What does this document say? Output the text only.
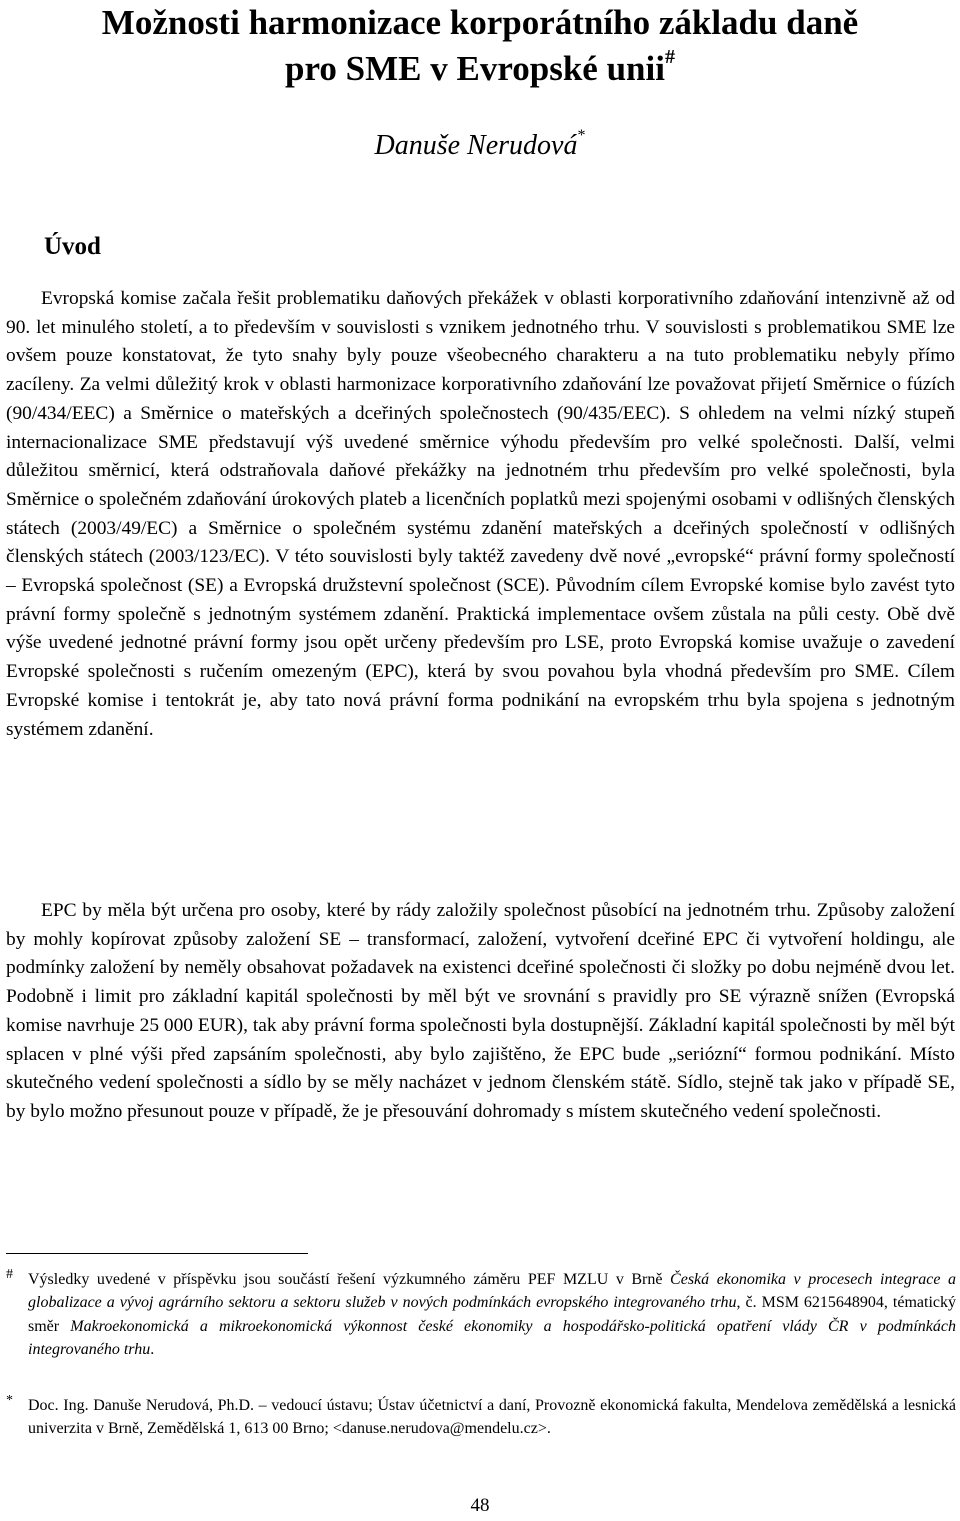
Možnosti harmonizace korporátního základu daně
pro SME v Evropské unii#
Danuše Nerudová*
Úvod

Evropská komise začala řešit problematiku daňových překážek v oblasti korporativního zdaňování intenzivně až od 90. let minulého století, a to především v souvislosti s vznikem jednotného trhu. V souvislosti s problematikou SME lze ovšem pouze konstatovat, že tyto snahy byly pouze všeobecného charakteru a na tuto problematiku nebyly přímo zacíleny. Za velmi důležitý krok v oblasti harmonizace korporativního zdaňování lze považovat přijetí Směrnice o fúzích (90/434/EEC) a Směrnice o mateřských a dceřiných společnostech (90/435/EEC). S ohledem na velmi nízký stupeň internacionalizace SME představují výš uvedené směrnice výhodu především pro velké společnosti. Další, velmi důležitou směrnicí, která odstraňovala daňové překážky na jednotném trhu především pro velké společnosti, byla Směrnice o společném zdaňování úrokových plateb a licenčních poplatků mezi spojenými osobami v odlišných členských státech (2003/49/EC) a Směrnice o společném systému zdanění mateřských a dceřiných společností v odlišných členských státech (2003/123/EC). V této souvislosti byly taktéž zavedeny dvě nové „evropské“ právní formy společností – Evropská společnost (SE) a Evropská družstevní společnost (SCE). Původním cílem Evropské komise bylo zavést tyto právní formy společně s jednotným systémem zdanění. Praktická implementace ovšem zůstala na půli cesty. Obě dvě výše uvedené jednotné právní formy jsou opět určeny především pro LSE, proto Evropská komise uvažuje o zavedení Evropské společnosti s ručením omezeným (EPC), která by svou povahou byla vhodná především pro SME. Cílem Evropské komise i tentokrát je, aby tato nová právní forma podnikání na evropském trhu byla spojena s jednotným systémem zdanění.

EPC by měla být určena pro osoby, které by rády založily společnost působící na jednotném trhu. Způsoby založení by mohly kopírovat způsoby založení SE – transformací, založení, vytvoření dceřiné EPC či vytvoření holdingu, ale podmínky založení by neměly obsahovat požadavek na existenci dceřiné společnosti či složky po dobu nejméně dvou let. Podobně i limit pro základní kapitál společnosti by měl být ve srovnání s pravidly pro SE výrazně snížen (Evropská komise navrhuje 25 000 EUR), tak aby právní forma společnosti byla dostupnější. Základní kapitál společnosti by měl být splacen v plné výši před zapsáním společnosti, aby bylo zajištěno, že EPC bude „seriózní“ formou podnikání. Místo skutečného vedení společnosti a sídlo by se měly nacházet v jednom členském státě. Sídlo, stejně tak jako v případě SE, by bylo možno přesunout pouze v případě, že je přesouvání dohromady s místem skutečného vedení společnosti.

# Výsledky uvedené v příspěvku jsou součástí řešení výzkumného záměru PEF MZLU v Brně Česká ekonomika v procesech integrace a globalizace a vývoj agrárního sektoru a sektoru služeb v nových podmínkách evropského integrovaného trhu, č. MSM 6215648904, tématický směr Makroekonomická a mikroekonomická výkonnost české ekonomiky a hospodářsko-politická opatření vlády ČR v podmínkách integrovaného trhu.
* Doc. Ing. Danuše Nerudová, Ph.D. – vedoucí ústavu; Ústav účetnictví a daní, Provozně ekonomická fakulta, Mendelova zemědělská a lesnická univerzita v Brně, Zemědělská 1, 613 00 Brno; <danuse.nerudova@mendelu.cz>.
48
